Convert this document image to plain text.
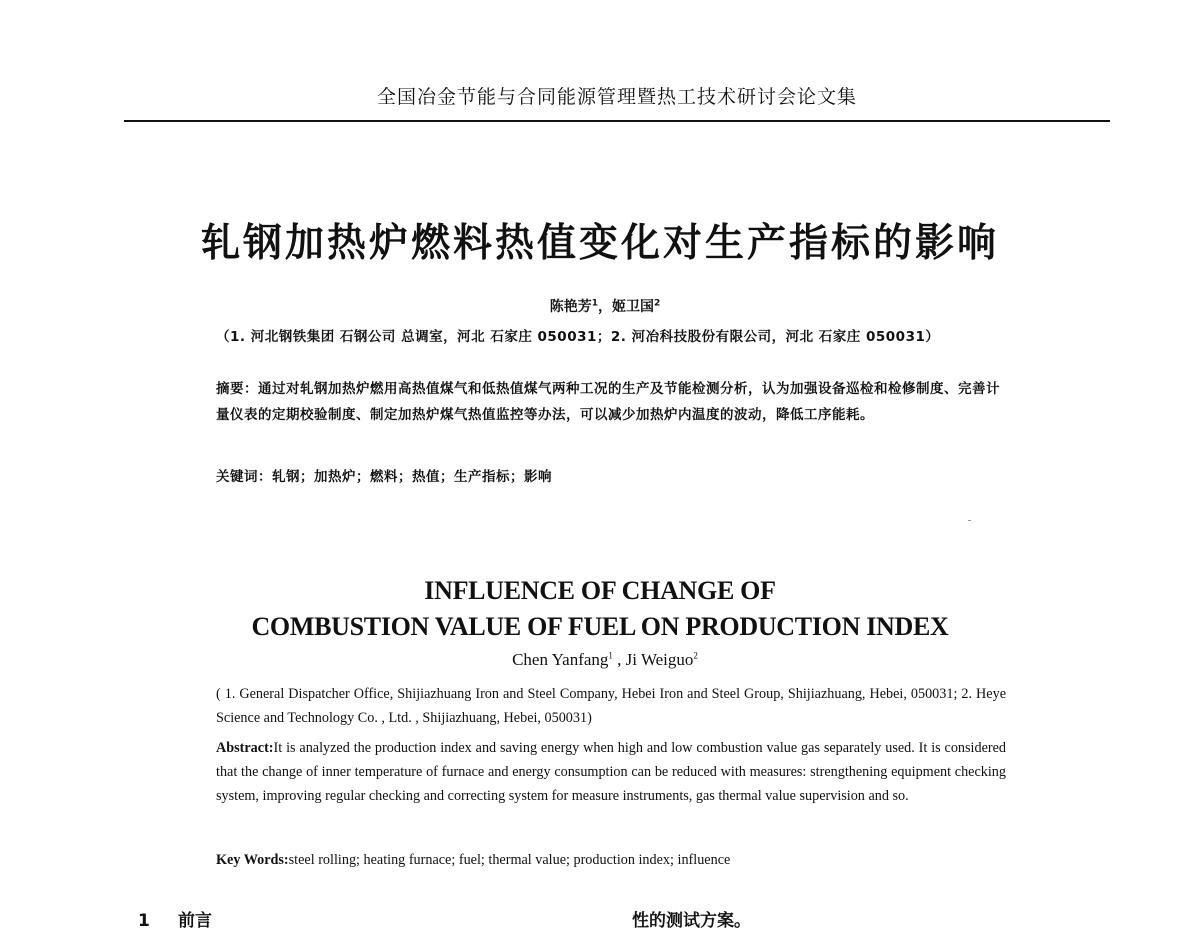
全国冶金节能与合同能源管理暨热工技术研讨会论文集
轧钢加热炉燃料热值变化对生产指标的影响
陈艳芳$^1$，姬卫国$^2$
（1. 河北钢铁集团 石钢公司 总调室，河北 石家庄 050031；2. 河冶科技股份有限公司，河北 石家庄 050031）
摘要：通过对轧钢加热炉燃用高热值煤气和低热值煤气两种工况的生产及节能检测分析，认为加强设备巡检和检修制度、完善计量仪表的定期校验制度、制定加热炉煤气热值监控等办法，可以减少加热炉内温度的波动，降低工序能耗。
关键词：轧钢；加热炉；燃料；热值；生产指标；影响
INFLUENCE OF CHANGE OF
COMBUSTION VALUE OF FUEL ON PRODUCTION INDEX
Chen Yanfang$^1$ , Ji Weiguo$^2$
( 1. General Dispatcher Office, Shijiazhuang Iron and Steel Company, Hebei Iron and Steel Group, Shijiazhuang, Hebei, 050031; 2. Heye Science and Technology Co. , Ltd. , Shijiazhuang, Hebei, 050031)
Abstract:It is analyzed the production index and saving energy when high and low combustion value gas separately used. It is considered that the change of inner temperature of furnace and energy consumption can be reduced with measures: strengthening equipment checking system, improving regular checking and correcting system for measure instruments, gas thermal value supervision and so.
Key Words:steel rolling; heating furnace; fuel; thermal value; production index; influence
1 前言	性的测试方案。
